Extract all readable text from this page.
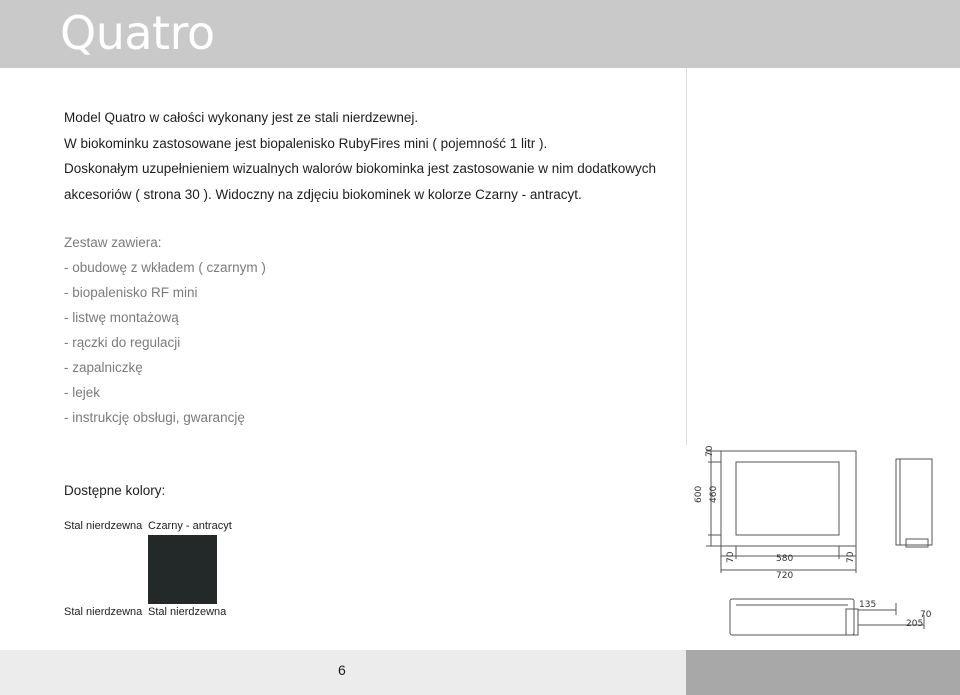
Quatro

Model Quatro w całości wykonany jest ze stali nierdzewnej.

W biokominku zastosowane jest biopalenisko RubyFires mini ( pojemność 1 litr ).

Doskonałym uzupełnieniem wizualnych walorów biokominka jest zastosowanie w nim dodatkowych

akcesoriów ( strona 30 ). Widoczny na zdjęciu biokominek w kolorze Czarny - antracyt.

Zestaw zawiera:

- obudowę z wkładem ( czarnym )

- biopalenisko RF mini

- listwę montażową

- rączki do regulacji

- zapalniczkę

- lejek

- instrukcję obsługi, gwarancję

Dostępne kolory:
Stal nierdzewna Czarny - antracyt
Stal nierdzewna Stal nierdzewna
70
600 460
70	580	70
720
135
70
205
6
